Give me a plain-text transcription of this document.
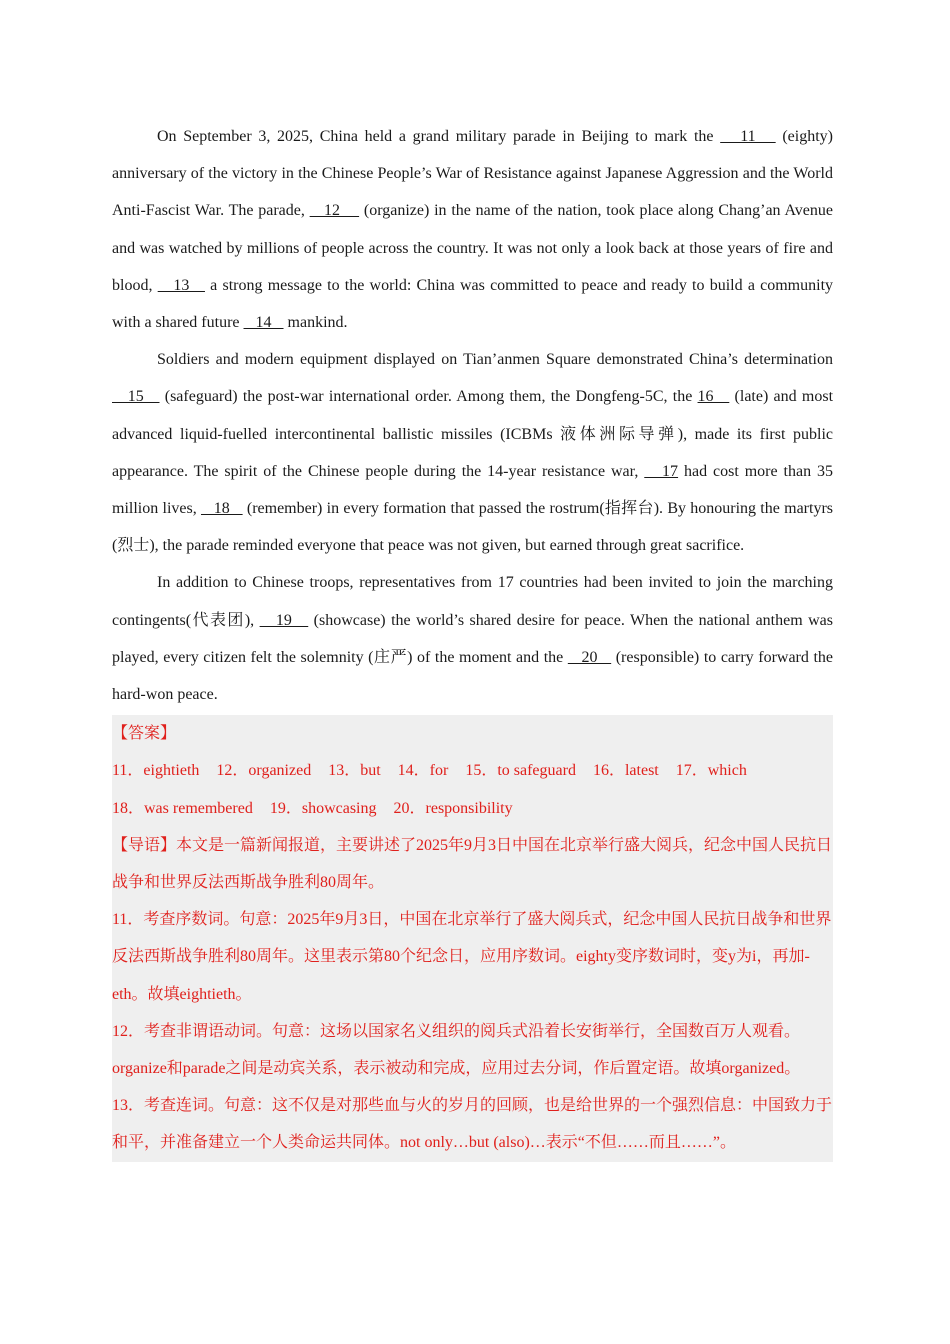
On September 3, 2025, China held a grand military parade in Beijing to mark the    11    (eighty) anniversary of the victory in the Chinese People’s War of Resistance against Japanese Aggression and the World Anti-Fascist War. The parade,    12     (organize) in the name of the nation, took place along Chang’an Avenue and was watched by millions of people across the country. It was not only a look back at those years of fire and blood,    13    a strong message to the world: China was committed to peace and ready to build a community with a shared future    14    mankind.

Soldiers and modern equipment displayed on Tian’anmen Square demonstrated China’s determination    15    (safeguard) the post-war international order. Among them, the Dongfeng-5C, the 16    (late) and most advanced liquid-fuelled intercontinental ballistic missiles (ICBMs 液体洲际导弹), made its first public appearance. The spirit of the Chinese people during the 14-year resistance war,    17 had cost more than 35 million lives,    18    (remember) in every formation that passed the rostrum(指挥台). By honouring the martyrs (烈士), the parade reminded everyone that peace was not given, but earned through great sacrifice.

In addition to Chinese troops, representatives from 17 countries had been invited to join the marching contingents(代表团),    19    (showcase) the world’s shared desire for peace. When the national anthem was played, every citizen felt the solemnity (庄严) of the moment and the    20    (responsible) to carry forward the hard-won peace.

【答案】

11．eightieth 12．organized 13．but 14．for 15．to safeguard 16．latest 17．which

18．was remembered 19．showcasing 20．responsibility

【导语】本文是一篇新闻报道，主要讲述了2025年9月3日中国在北京举行盛大阅兵，纪念中国人民抗日战争和世界反法西斯战争胜利80周年。

11．考查序数词。句意：2025年9月3日，中国在北京举行了盛大阅兵式，纪念中国人民抗日战争和世界反法西斯战争胜利80周年。这里表示第80个纪念日，应用序数词。eighty变序数词时，变y为i，再加-eth。故填eightieth。

12．考查非谓语动词。句意：这场以国家名义组织的阅兵式沿着长安街举行，全国数百万人观看。organize和parade之间是动宾关系，表示被动和完成，应用过去分词，作后置定语。故填organized。

13．考查连词。句意：这不仅是对那些血与火的岁月的回顾，也是给世界的一个强烈信息：中国致力于和平，并准备建立一个人类命运共同体。not only…but (also)…表示“不但……而且……”。
